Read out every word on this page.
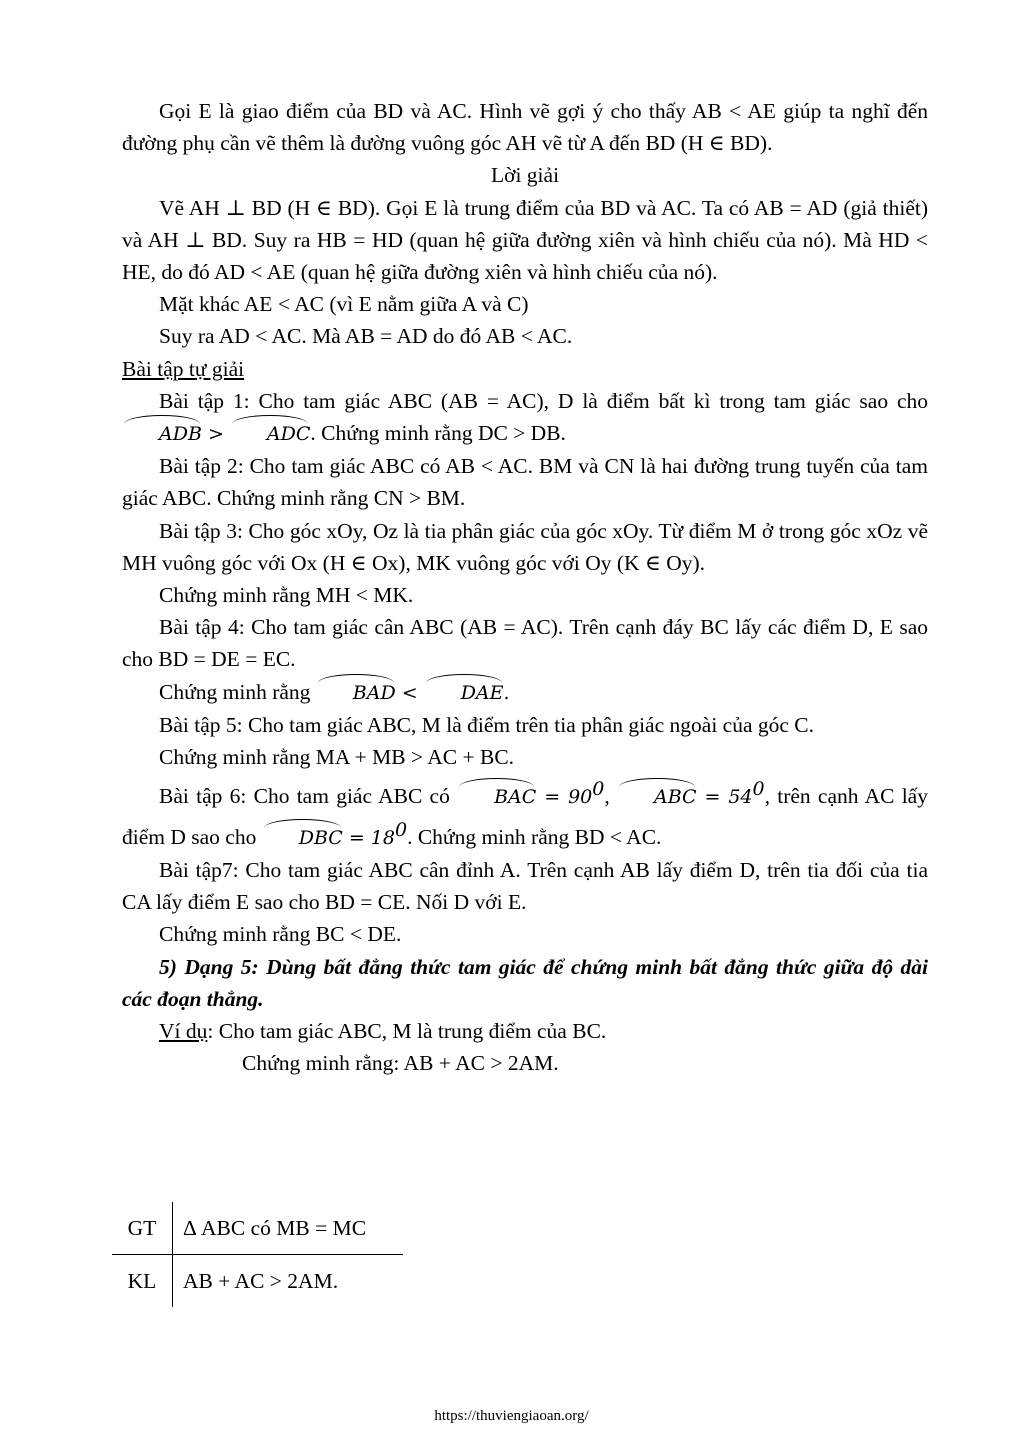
Gọi E là giao điểm của BD và AC. Hình vẽ gợi ý cho thấy AB < AE giúp ta nghĩ đến đường phụ cần vẽ thêm là đường vuông góc AH vẽ từ A đến BD (H ∈ BD).

Lời giải

Vẽ AH ⊥ BD (H ∈ BD). Gọi E là trung điểm của BD và AC. Ta có AB = AD (giả thiết) và AH ⊥ BD. Suy ra HB = HD (quan hệ giữa đường xiên và hình chiếu của nó). Mà HD < HE, do đó AD < AE (quan hệ giữa đường xiên và hình chiếu của nó).

Mặt khác AE < AC (vì E nằm giữa A và C)

Suy ra AD < AC. Mà AB = AD do đó AB < AC.

Bài tập tự giải

Bài tập 1: Cho tam giác ABC (AB = AC), D là điểm bất kì trong tam giác sao cho ADB > ADC. Chứng minh rằng DC > DB.

Bài tập 2: Cho tam giác ABC có AB < AC. BM và CN là hai đường trung tuyến của tam giác ABC. Chứng minh rằng CN > BM.

Bài tập 3: Cho góc xOy, Oz là tia phân giác của góc xOy. Từ điểm M ở trong góc xOz vẽ MH vuông góc với Ox (H ∈ Ox), MK vuông góc với Oy (K ∈ Oy).

Chứng minh rằng MH < MK.

Bài tập 4: Cho tam giác cân ABC (AB = AC). Trên cạnh đáy BC lấy các điểm D, E sao cho BD = DE = EC.

Chứng minh rằng BAD < DAE.

Bài tập 5: Cho tam giác ABC, M là điểm trên tia phân giác ngoài của góc C.

Chứng minh rằng MA + MB > AC + BC.

Bài tập 6: Cho tam giác ABC có BAC = $90^0$, ABC = $54^0$, trên cạnh AC lấy điểm D sao cho DBC = $18^0$. Chứng minh rằng BD < AC.

Bài tập7: Cho tam giác ABC cân đỉnh A. Trên cạnh AB lấy điểm D, trên tia đối của tia CA lấy điểm E sao cho BD = CE. Nối D với E.

Chứng minh rằng BC < DE.

5) Dạng 5: Dùng bất đẳng thức tam giác để chứng minh bất đẳng thức giữa độ dài các đoạn thẳng.

Ví dụ: Cho tam giác ABC, M là trung điểm của BC.

Chứng minh rằng: AB + AC > 2AM.

GT	Δ ABC có MB = MC
KL	AB + AC > 2AM.
https://thuviengiaoan.org/
